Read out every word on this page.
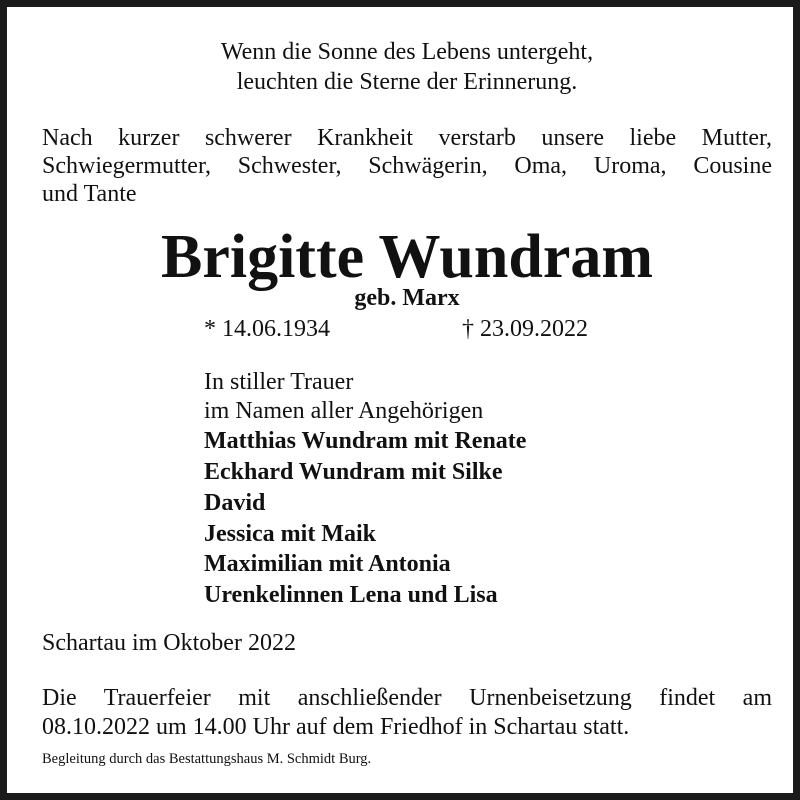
Wenn die Sonne des Lebens untergeht,
leuchten die Sterne der Erinnerung.
Nach kurzer schwerer Krankheit verstarb unsere liebe Mutter,
Schwiegermutter, Schwester, Schwägerin, Oma, Uroma, Cousine
und Tante
Brigitte Wundram
geb. Marx
* 14.06.1934	† 23.09.2022
In stiller Trauer
im Namen aller Angehörigen
Matthias Wundram mit Renate
Eckhard Wundram mit Silke
David
Jessica mit Maik
Maximilian mit Antonia
Urenkelinnen Lena und Lisa
Schartau im Oktober 2022
Die Trauerfeier mit anschließender Urnenbeisetzung findet am
08.10.2022 um 14.00 Uhr auf dem Friedhof in Schartau statt.
Begleitung durch das Bestattungshaus M. Schmidt Burg.
